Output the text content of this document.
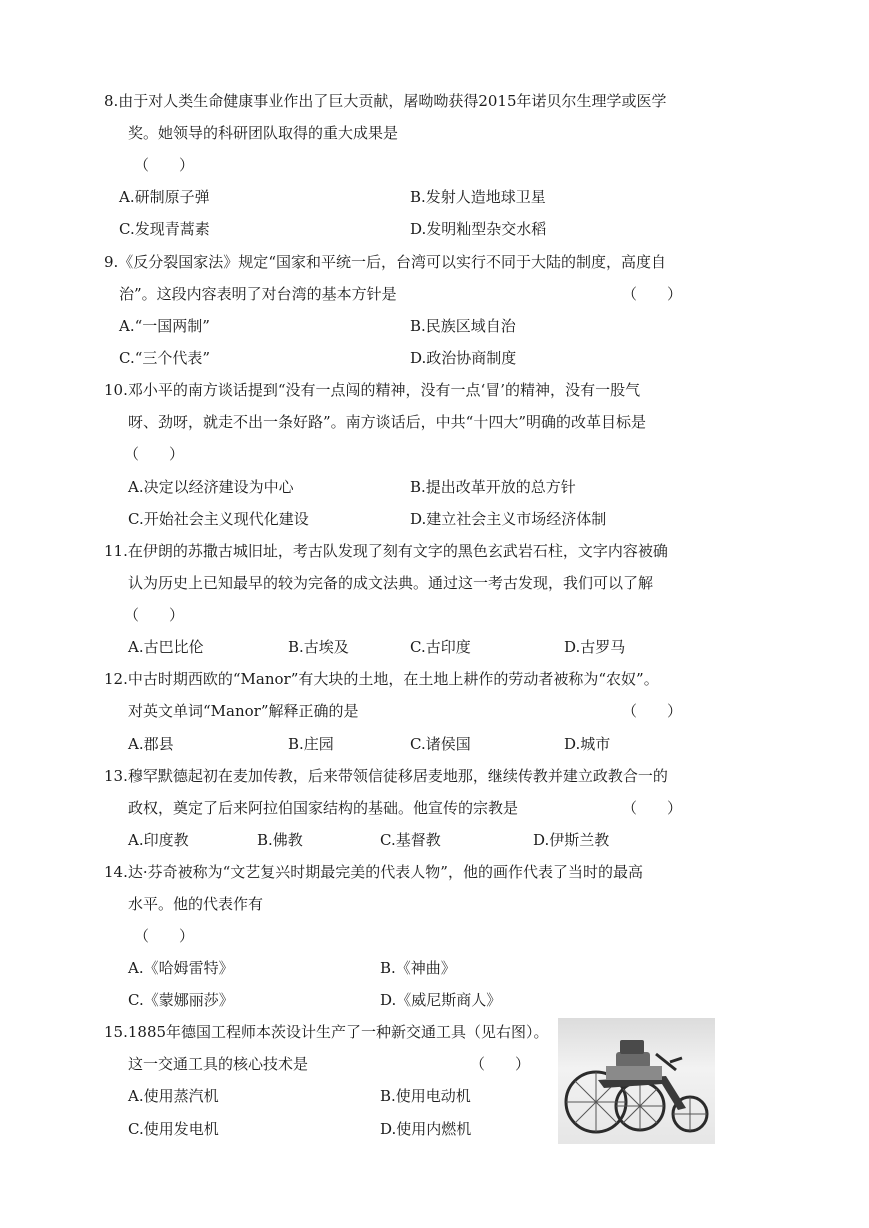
8.由于对人类生命健康事业作出了巨大贡献，屠呦呦获得2015年诺贝尔生理学或医学
奖。她领导的科研团队取得的重大成果是
（　　）
A.研制原子弹	B.发射人造地球卫星
C.发现青蒿素	D.发明籼型杂交水稻
9.《反分裂国家法》规定“国家和平统一后，台湾可以实行不同于大陆的制度，高度自
治”。这段内容表明了对台湾的基本方针是	（　　）
A.“一国两制”	B.民族区域自治
C.“三个代表”	D.政治协商制度
10.邓小平的南方谈话提到“没有一点闯的精神，没有一点‘冒’的精神，没有一股气
呀、劲呀，就走不出一条好路”。南方谈话后，中共“十四大”明确的改革目标是
（　　）
A.决定以经济建设为中心	B.提出改革开放的总方针
C.开始社会主义现代化建设	D.建立社会主义市场经济体制
11.在伊朗的苏撒古城旧址，考古队发现了刻有文字的黑色玄武岩石柱，文字内容被确
认为历史上已知最早的较为完备的成文法典。通过这一考古发现，我们可以了解
（　　）
A.古巴比伦	B.古埃及	C.古印度	D.古罗马
12.中古时期西欧的“Manor”有大块的土地，在土地上耕作的劳动者被称为“农奴”。
对英文单词“Manor”解释正确的是	（　　）
A.郡县	B.庄园	C.诸侯国	D.城市
13.穆罕默德起初在麦加传教，后来带领信徒移居麦地那，继续传教并建立政教合一的
政权，奠定了后来阿拉伯国家结构的基础。他宣传的宗教是	（　　）
A.印度教	B.佛教	C.基督教	D.伊斯兰教
14.达·芬奇被称为“文艺复兴时期最完美的代表人物”，他的画作代表了当时的最高
水平。他的代表作有
（　　）
A.《哈姆雷特》	B.《神曲》
C.《蒙娜丽莎》	D.《威尼斯商人》
15.1885年德国工程师本茨设计生产了一种新交通工具（见右图）。
这一交通工具的核心技术是	（　　）
A.使用蒸汽机	B.使用电动机
C.使用发电机	D.使用内燃机
